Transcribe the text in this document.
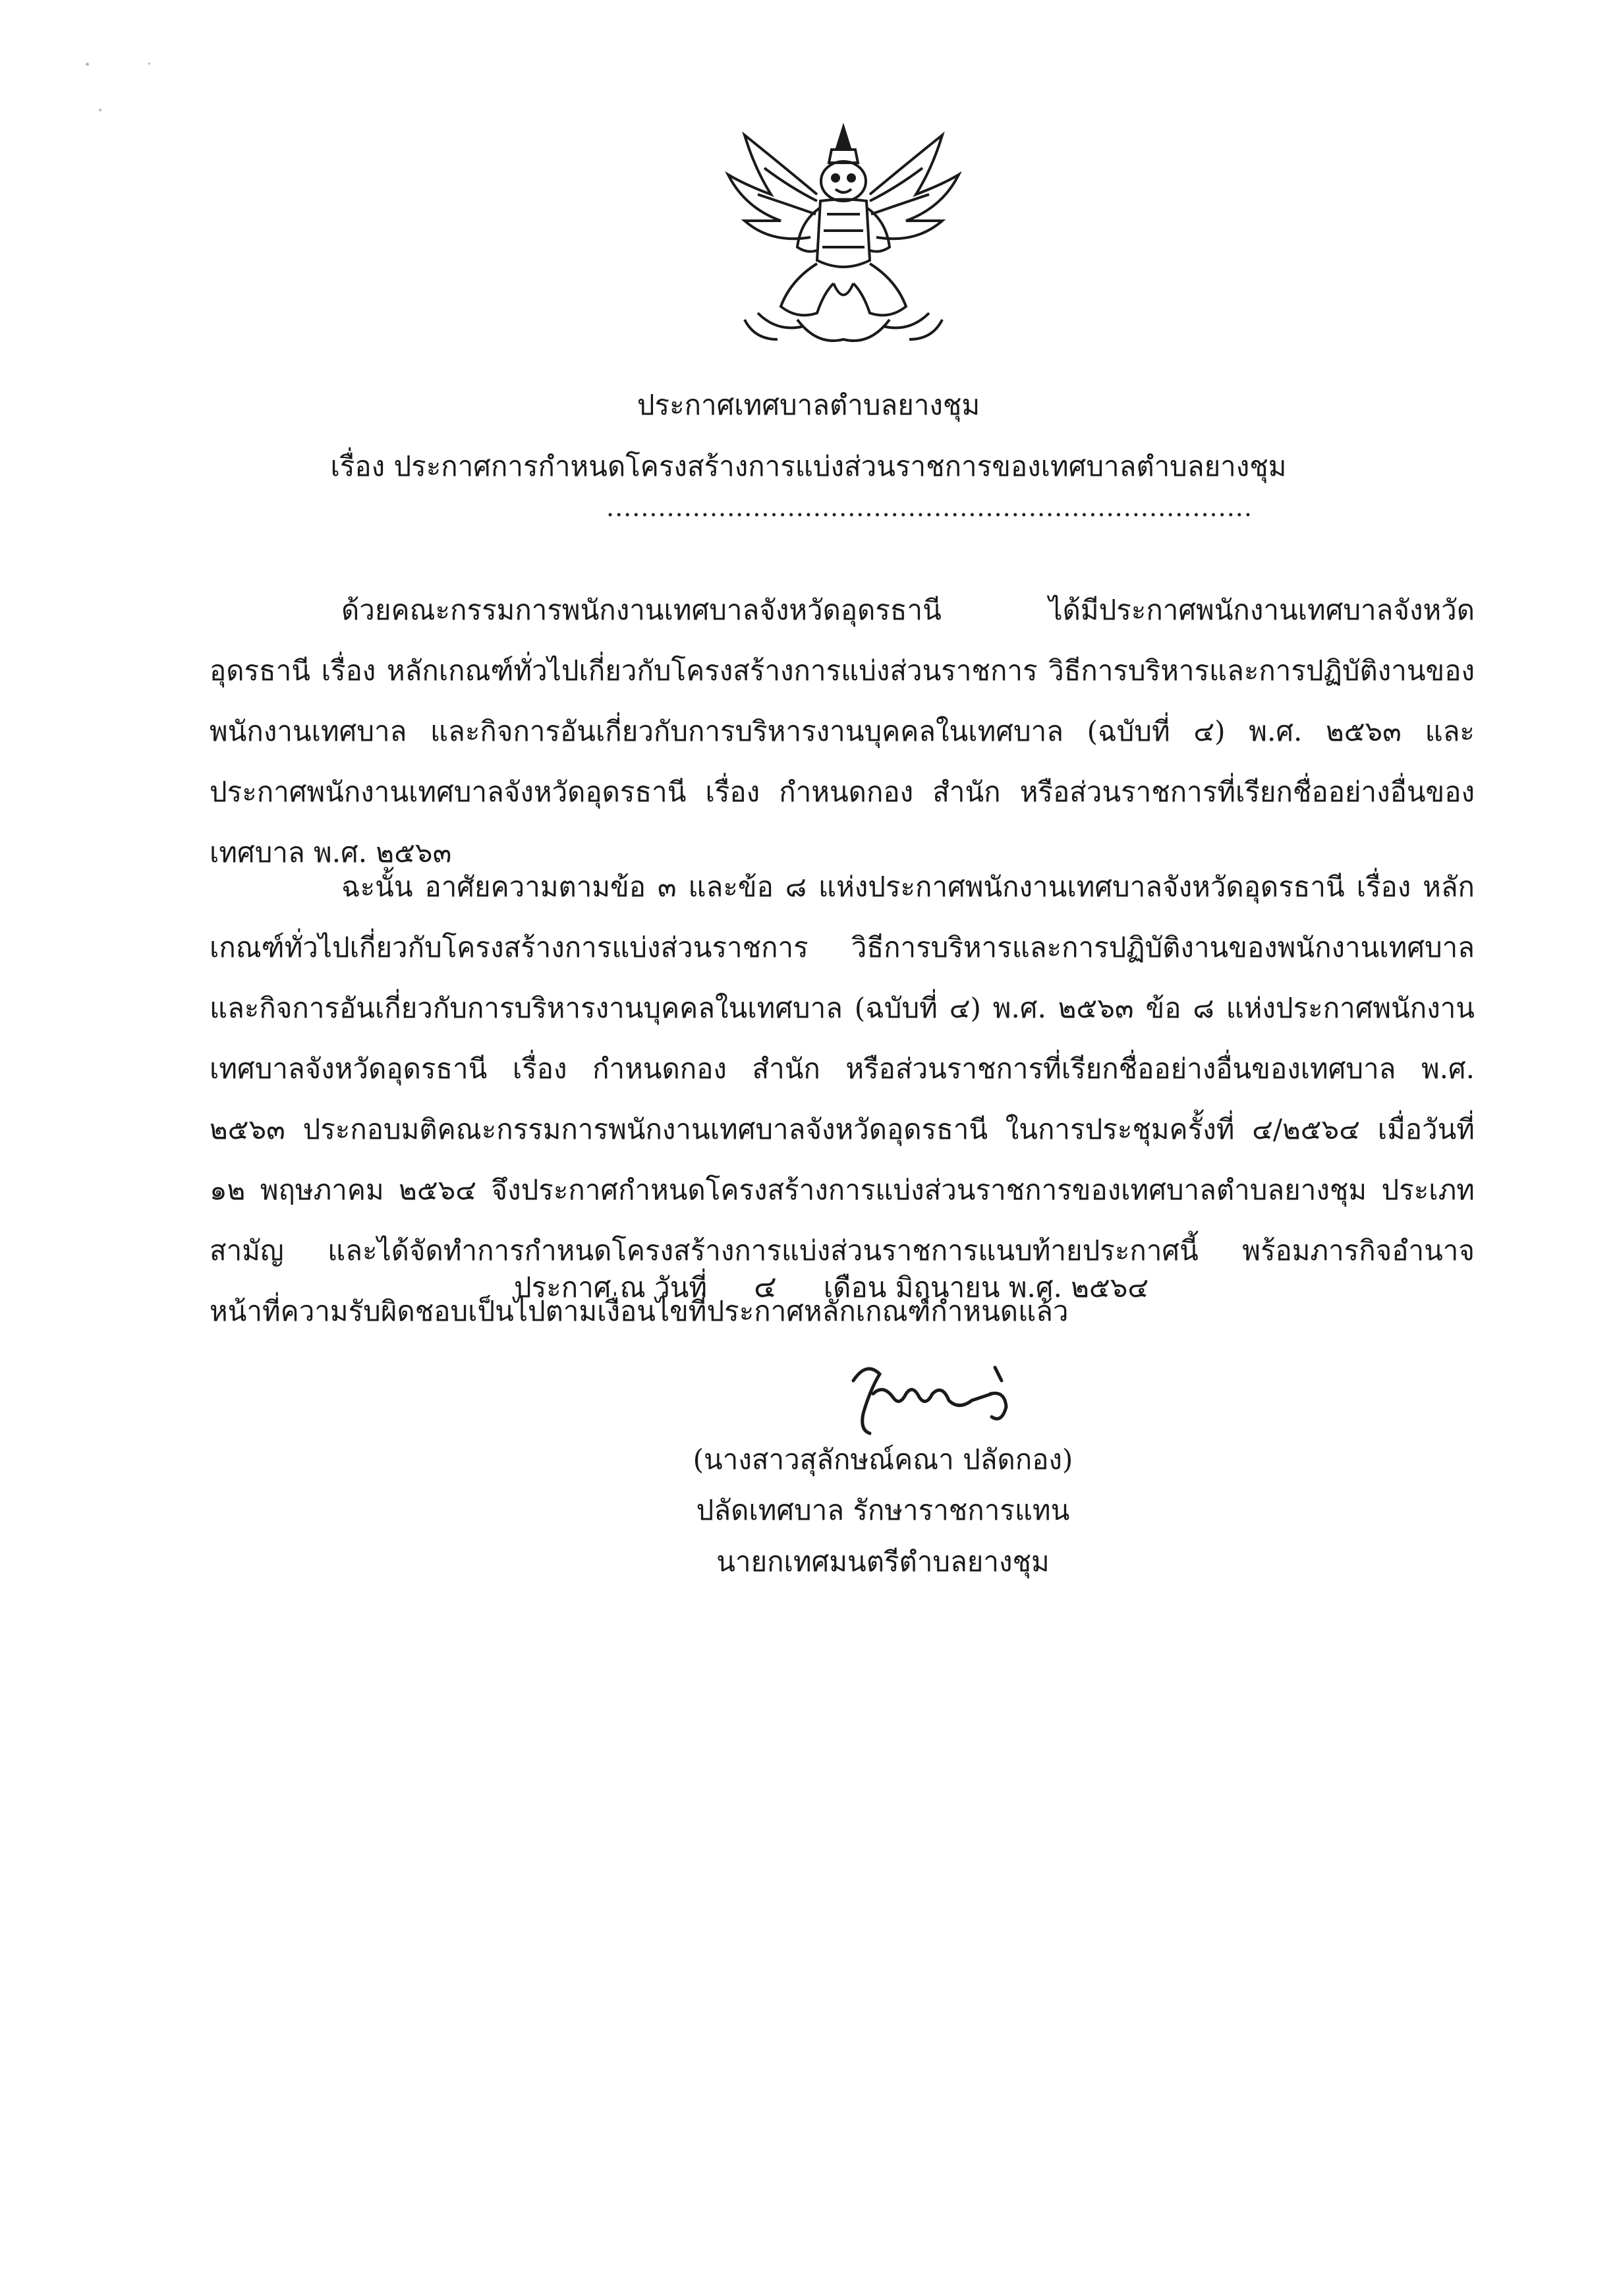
ประกาศเทศบาลตำบลยางชุม
เรื่อง ประกาศการกำหนดโครงสร้างการแบ่งส่วนราชการของเทศบาลตำบลยางชุม
...........................................................................
ด้วยคณะกรรมการพนักงานเทศบาลจังหวัดอุดรธานี ได้มีประกาศพนักงานเทศบาลจังหวัดอุดรธานี เรื่อง หลักเกณฑ์ทั่วไปเกี่ยวกับโครงสร้างการแบ่งส่วนราชการ วิธีการบริหารและการปฏิบัติงานของพนักงานเทศบาล และกิจการอันเกี่ยวกับการบริหารงานบุคคลในเทศบาล (ฉบับที่ ๔) พ.ศ. ๒๕๖๓ และประกาศพนักงานเทศบาลจังหวัดอุดรธานี เรื่อง กำหนดกอง สำนัก หรือส่วนราชการที่เรียกชื่ออย่างอื่นของเทศบาล พ.ศ. ๒๕๖๓
ฉะนั้น อาศัยความตามข้อ ๓ และข้อ ๘ แห่งประกาศพนักงานเทศบาลจังหวัดอุดรธานี เรื่อง หลักเกณฑ์ทั่วไปเกี่ยวกับโครงสร้างการแบ่งส่วนราชการ วิธีการบริหารและการปฏิบัติงานของพนักงานเทศบาลและกิจการอันเกี่ยวกับการบริหารงานบุคคลในเทศบาล (ฉบับที่ ๔) พ.ศ. ๒๕๖๓ ข้อ ๘ แห่งประกาศพนักงานเทศบาลจังหวัดอุดรธานี เรื่อง กำหนดกอง สำนัก หรือส่วนราชการที่เรียกชื่ออย่างอื่นของเทศบาล พ.ศ. ๒๕๖๓ ประกอบมติคณะกรรมการพนักงานเทศบาลจังหวัดอุดรธานี ในการประชุมครั้งที่ ๔/๒๕๖๔ เมื่อวันที่ ๑๒ พฤษภาคม ๒๕๖๔ จึงประกาศกำหนดโครงสร้างการแบ่งส่วนราชการของเทศบาลตำบลยางชุม ประเภทสามัญ และได้จัดทำการกำหนดโครงสร้างการแบ่งส่วนราชการแนบท้ายประกาศนี้ พร้อมภารกิจอำนาจหน้าที่ความรับผิดชอบเป็นไปตามเงื่อนไขที่ประกาศหลักเกณฑ์กำหนดแล้ว
ประกาศ ณ วันที่ ๔ เดือน มิถุนายน พ.ศ. ๒๕๖๔
(นางสาวสุลักษณ์คณา ปลัดกอง)
ปลัดเทศบาล รักษาราชการแทน
นายกเทศมนตรีตำบลยางชุม
